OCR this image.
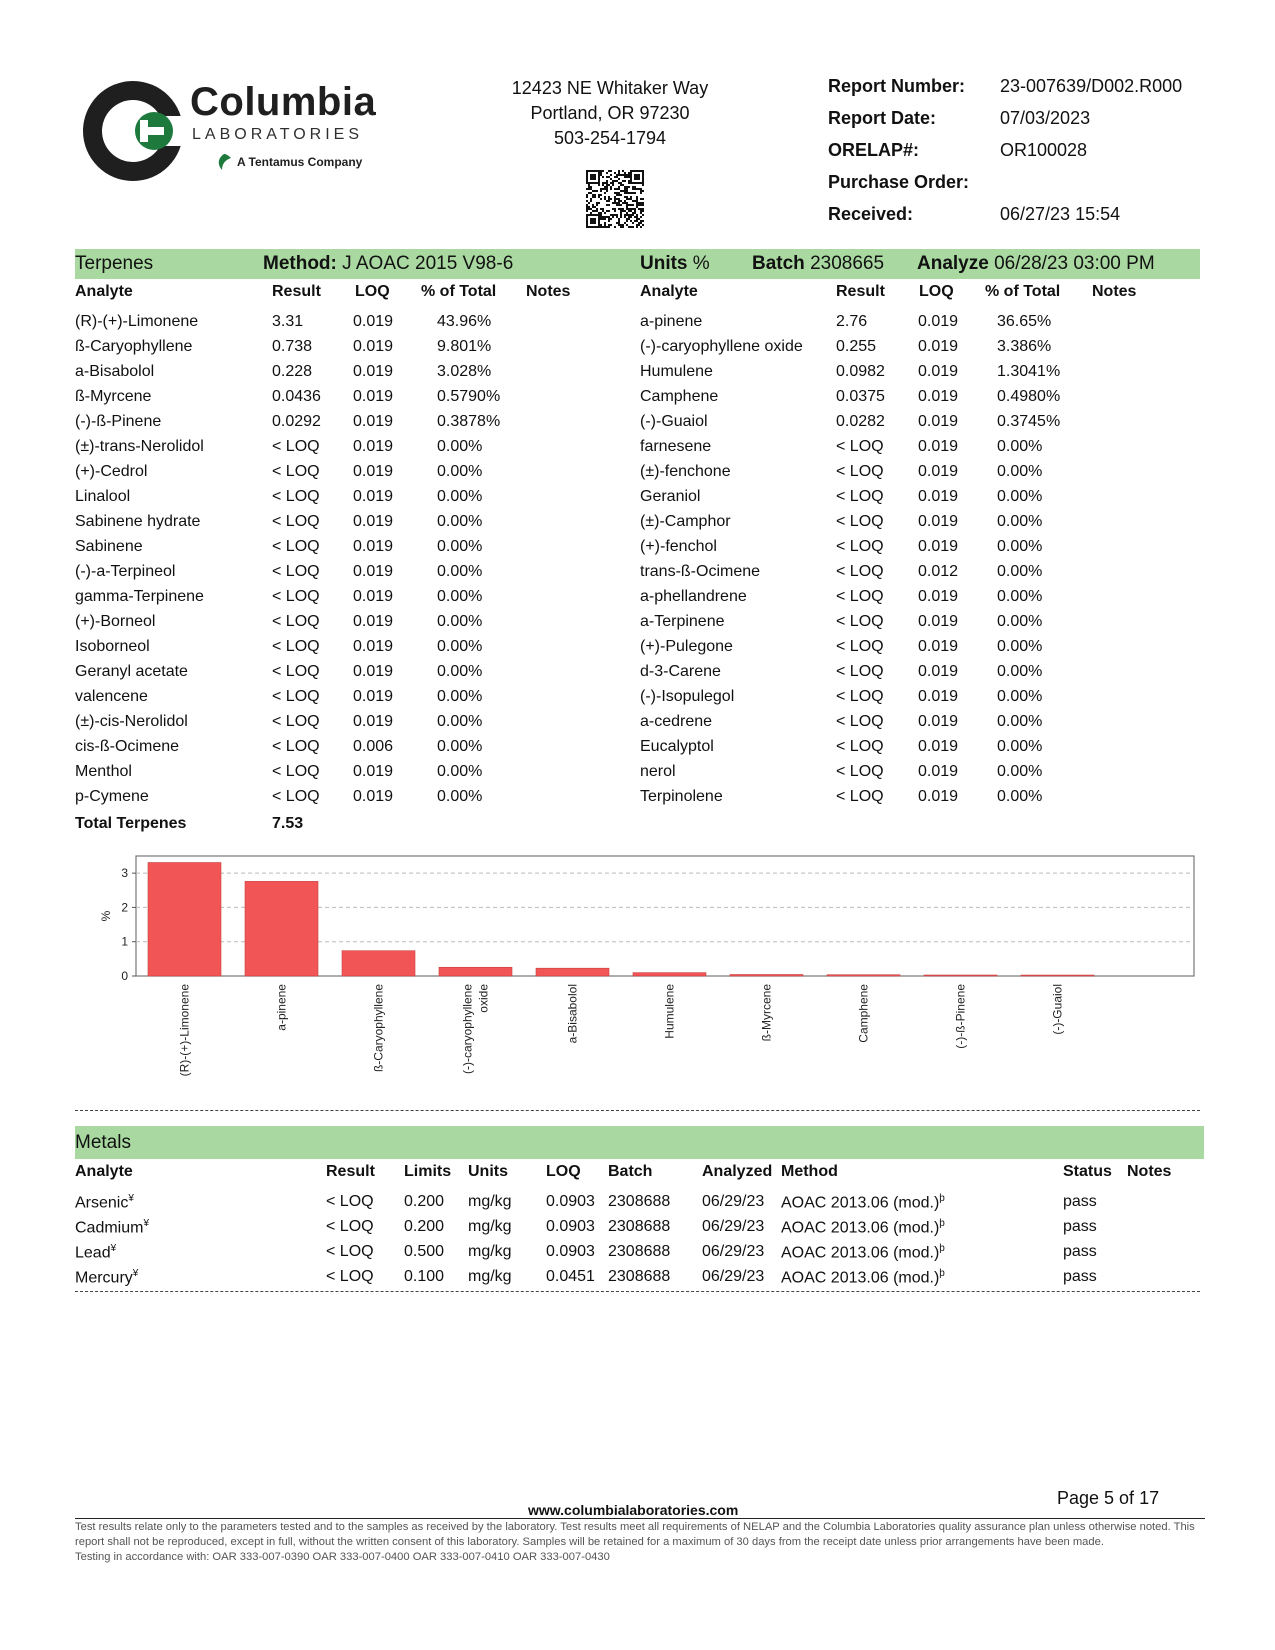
Columbia
LABORATORIES
A Tentamus Company
12423 NE Whitaker Way
Portland, OR 97230
503-254-1794
Report Number: 23-007639/D002.R000
Report Date:	07/03/2023
ORELAP#:	OR100028
Purchase Order:
Received:	06/27/23 15:54
Terpenes	Method: J AOAC 2015 V98-6	Units % Batch 2308665 Analyze 06/28/23 03:00 PM
Analyte	Result LOQ % of Total Notes	Analyte	Result LOQ % of Total Notes
(R)-(+)-Limonene	3.31	0.019	43.96%
ß-Caryophyllene	0.738	0.019	9.801%
a-Bisabolol	0.228	0.019	3.028%
ß-Myrcene	0.0436 0.019	0.5790%
(-)-ß-Pinene	0.0292 0.019	0.3878%
(±)-trans-Nerolidol	< LOQ 0.019	0.00%
(+)-Cedrol	< LOQ 0.019	0.00%
Linalool	< LOQ 0.019	0.00%
Sabinene hydrate	< LOQ 0.019	0.00%
Sabinene	< LOQ 0.019	0.00%
(-)-a-Terpineol	< LOQ 0.019	0.00%
gamma-Terpinene	< LOQ 0.019	0.00%
(+)-Borneol	< LOQ 0.019	0.00%
Isoborneol	< LOQ 0.019	0.00%
Geranyl acetate	< LOQ 0.019	0.00%
valencene	< LOQ 0.019	0.00%
(±)-cis-Nerolidol	< LOQ 0.019	0.00%
cis-ß-Ocimene	< LOQ 0.006	0.00%
Menthol	< LOQ 0.019	0.00%
p-Cymene	< LOQ 0.019	0.00%
a-pinene	2.76	0.019 36.65%
(-)-caryophyllene oxide 0.255	0.019 3.386%
Humulene	0.0982 0.019 1.3041%
Camphene	0.0375 0.019 0.4980%
(-)-Guaiol	0.0282 0.019 0.3745%
farnesene	< LOQ 0.019 0.00%
(±)-fenchone	< LOQ 0.019 0.00%
Geraniol	< LOQ 0.019 0.00%
(±)-Camphor	< LOQ 0.019 0.00%
(+)-fenchol	< LOQ 0.019 0.00%
trans-ß-Ocimene	< LOQ 0.012 0.00%
a-phellandrene	< LOQ 0.019 0.00%
a-Terpinene	< LOQ 0.019 0.00%
(+)-Pulegone	< LOQ 0.019 0.00%
d-3-Carene	< LOQ 0.019 0.00%
(-)-Isopulegol	< LOQ 0.019 0.00%
a-cedrene	< LOQ 0.019 0.00%
Eucalyptol	< LOQ 0.019 0.00%
nerol	< LOQ 0.019 0.00%
Terpinolene	< LOQ 0.019 0.00%
Total Terpenes	7.53
0
1
2
3
%
(R)-(+)-Limonene	a-pinene	ß-Caryophyllene	(-)-caryophyllene oxide	a-Bisabolol	Humulene	ß-Myrcene	Camphene	(-)-ß-Pinene	(-)-Guaiol
Metals
Analyte	Result Limits Units LOQ Batch	Analyzed Method	Status Notes
Arsenic¥	< LOQ 0.200 mg/kg 0.0903 2308688 06/29/23 AOAC 2013.06 $(mod.)^þ$	pass
Cadmium¥	< LOQ 0.200 mg/kg 0.0903 2308688 06/29/23 AOAC 2013.06 $(mod.)^þ$	pass
Lead¥	< LOQ 0.500 mg/kg 0.0903 2308688 06/29/23 AOAC 2013.06 $(mod.)^þ$	pass
Mercury¥	< LOQ 0.100 mg/kg 0.0451 2308688 06/29/23 AOAC 2013.06 $(mod.)^þ$	pass
Page 5 of 17
www.columbialaboratories.com
Test results relate only to the parameters tested and to the samples as received by the laboratory. Test results meet all requirements of NELAP and the Columbia Laboratories quality assurance plan unless otherwise noted. This report shall not be reproduced, except in full, without the written consent of this laboratory. Samples will be retained for a maximum of 30 days from the receipt date unless prior arrangements have been made.
Testing in accordance with: OAR 333-007-0390 OAR 333-007-0400 OAR 333-007-0410 OAR 333-007-0430
